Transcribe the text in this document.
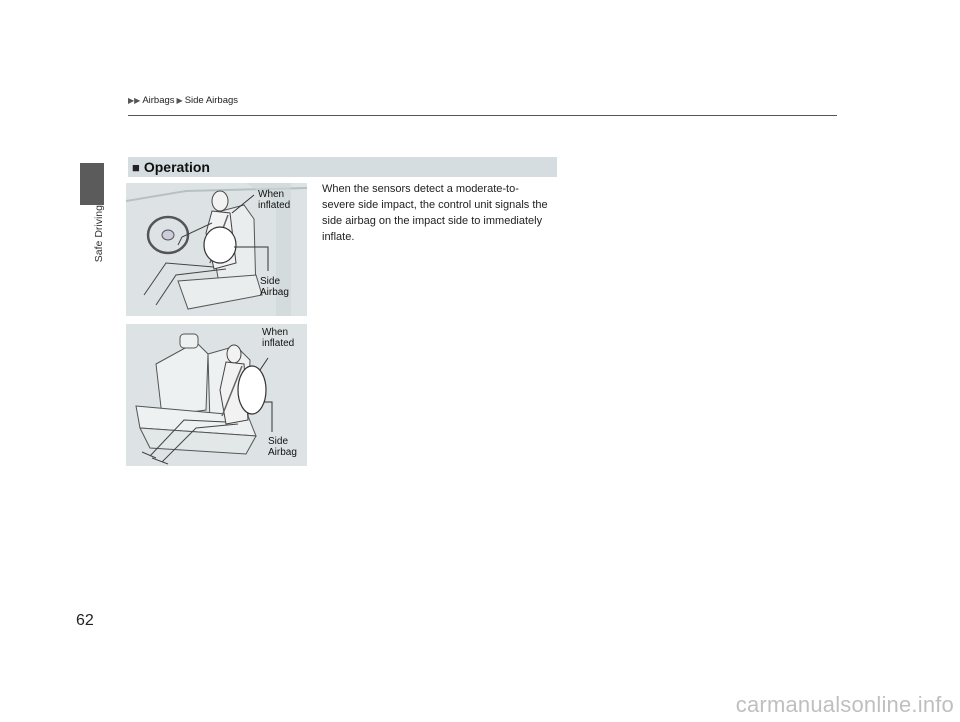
Safe Driving
▶▶ Airbags ▶ Side Airbags
■ Operation
When the sensors detect a moderate-to-
severe side impact, the control unit signals the
side airbag on the impact side to immediately
inflate.
When
inflated
Side
Airbag
When
inflated
Side
Airbag
62
carmanualsonline.info
